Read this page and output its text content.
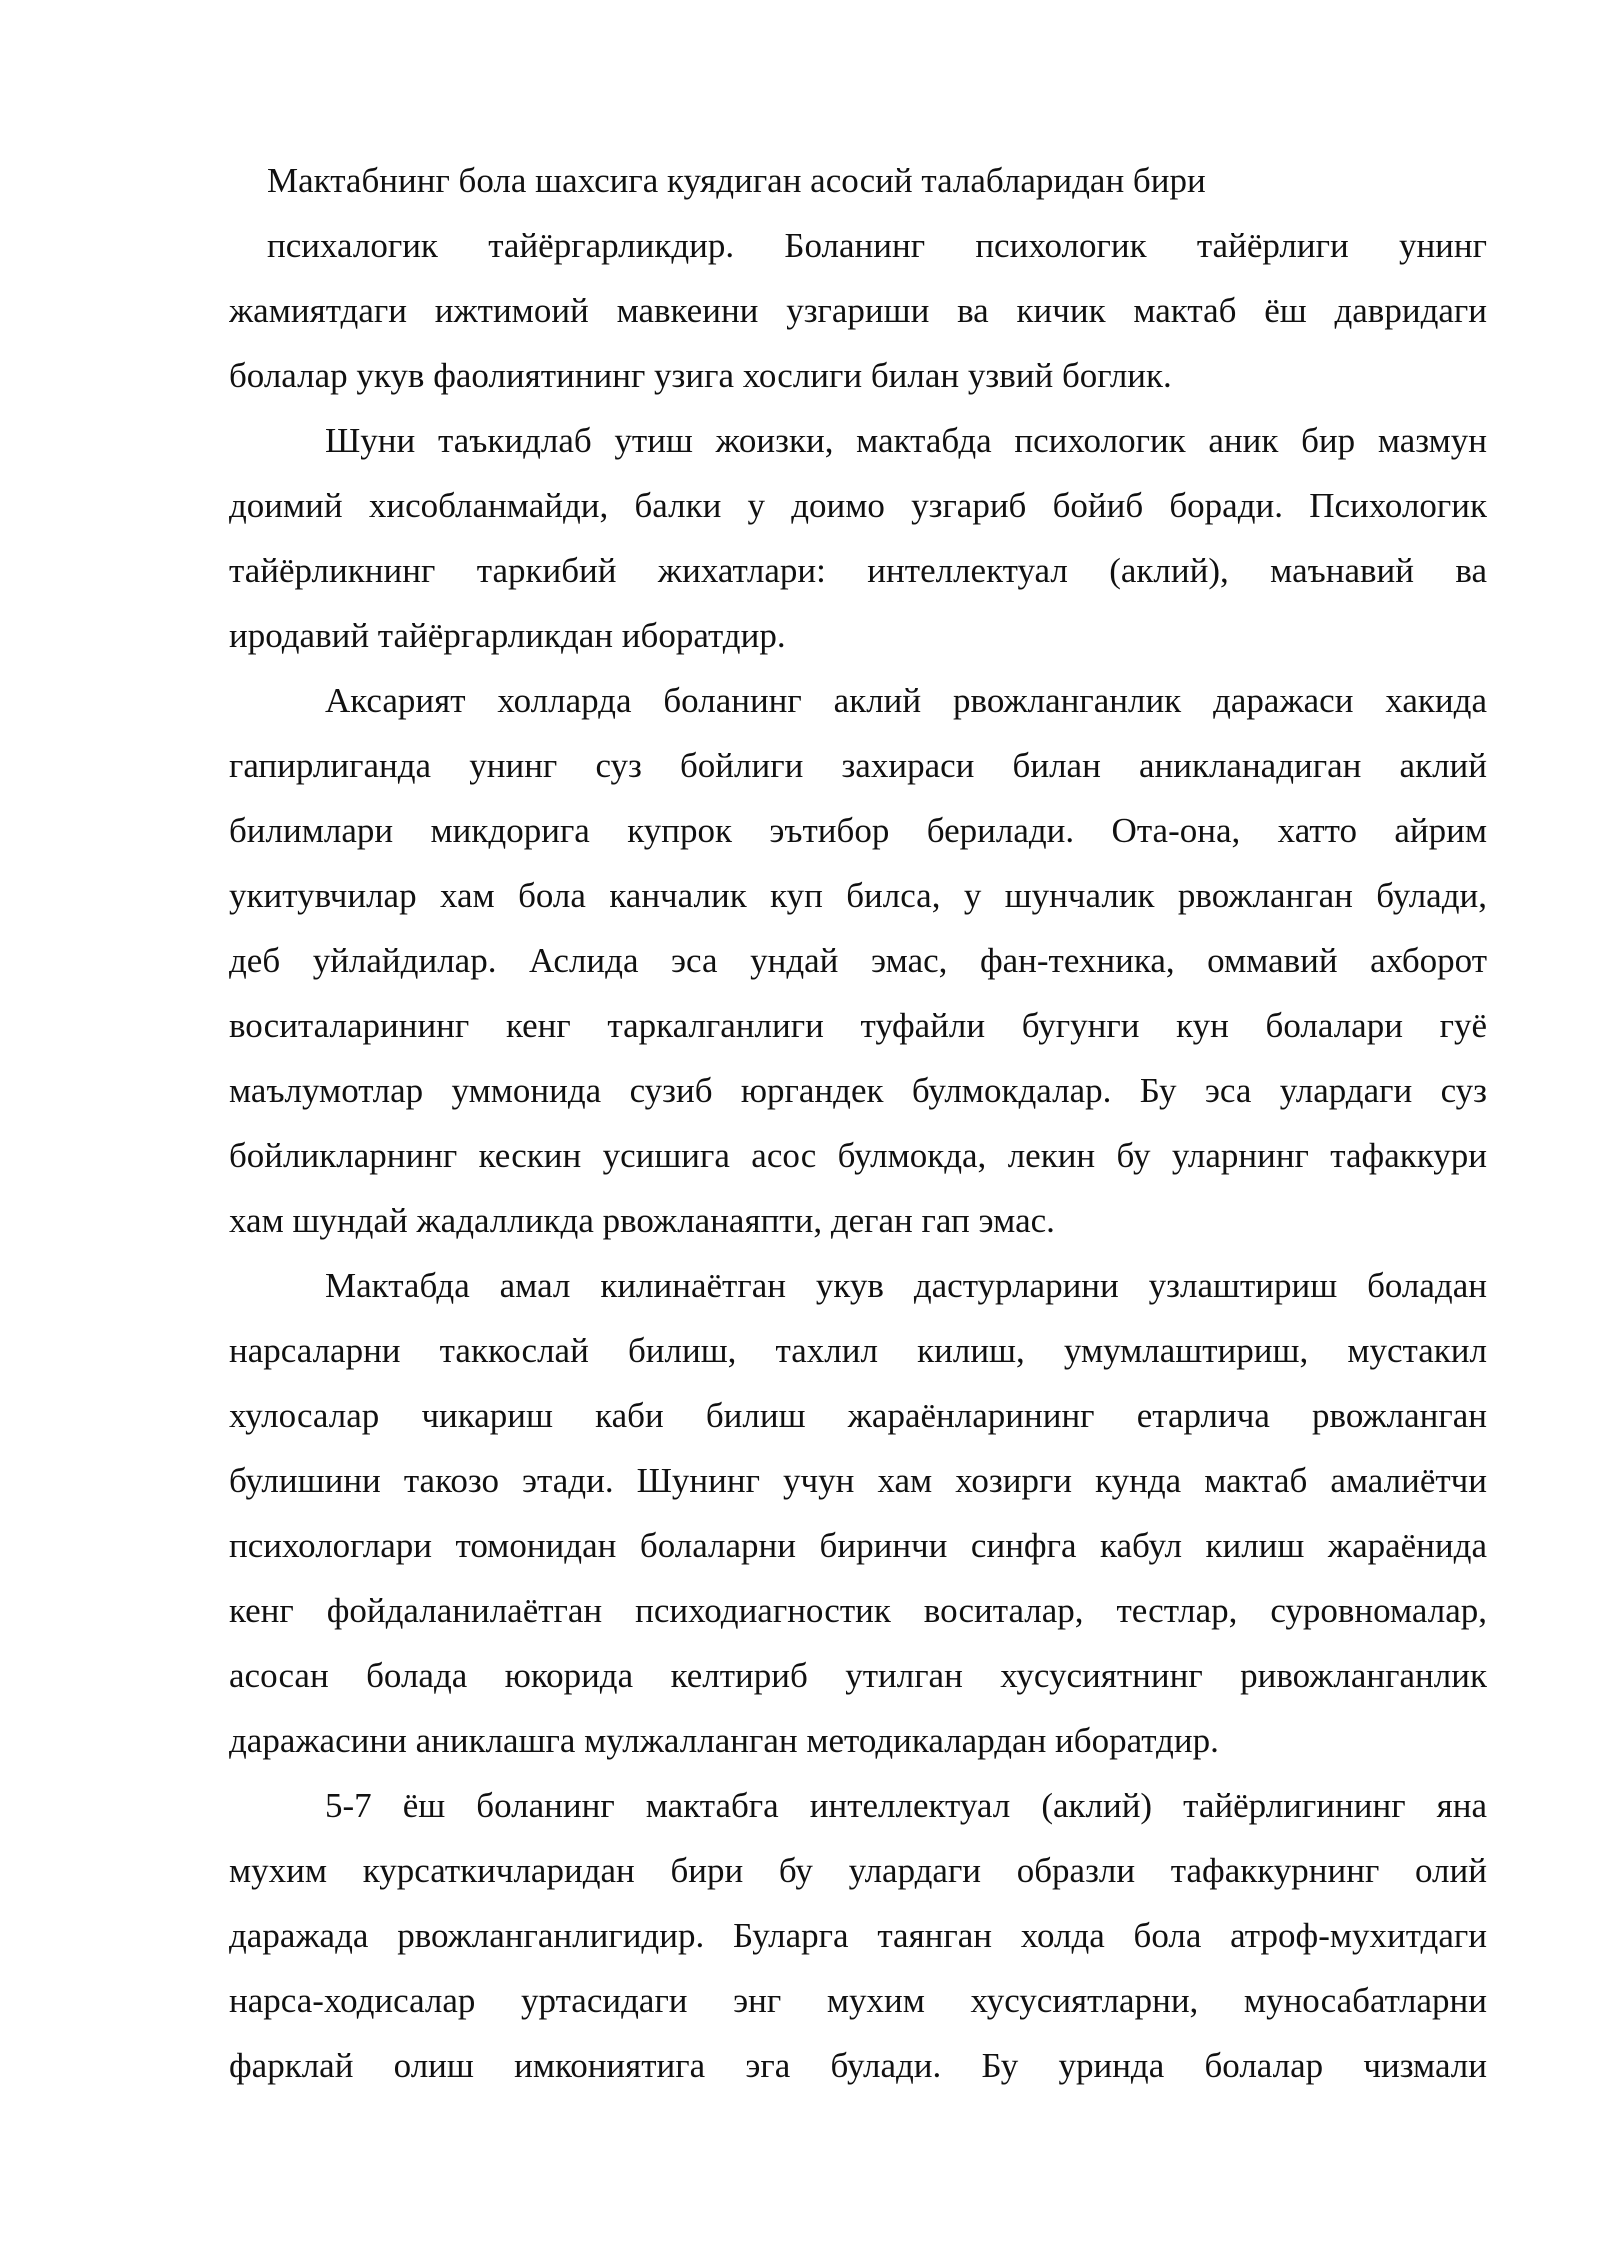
Мактабнинг бола шахсига куядиган асосий талабларидан бири
психалогик тайёргарликдир. Боланинг психологик тайёрлиги унинг
жамиятдаги ижтимоий мавкеини узгариши ва кичик мактаб ёш давридаги
болалар укув фаолиятининг узига хослиги билан узвий боглик.
Шуни таъкидлаб утиш жоизки, мактабда психологик аник бир мазмун
доимий хисобланмайди, балки у доимо узгариб бойиб боради. Психологик
тайёрликнинг таркибий жихатлари: интеллектуал (аклий), маънавий ва
иродавий тайёргарликдан иборатдир.
Аксарият холларда боланинг аклий рвожланганлик даражаси хакида
гапирлиганда унинг суз бойлиги захираси билан аникланадиган аклий
билимлари микдорига купрок эътибор берилади. Ота-она, хатто айрим
укитувчилар хам бола канчалик куп билса, у шунчалик рвожланган булади,
деб уйлайдилар. Аслида эса ундай эмас, фан-техника, оммавий ахборот
воситаларининг кенг таркалганлиги туфайли бугунги кун болалари гуё
маълумотлар уммонида сузиб юргандек булмокдалар. Бу эса улардаги суз
бойликларнинг кескин усишига асос булмокда, лекин бу уларнинг тафаккури
хам шундай жадалликда рвожланаяпти, деган гап эмас.
Мактабда амал килинаётган укув дастурларини узлаштириш боладан
нарсаларни таккослай билиш, тахлил килиш, умумлаштириш, мустакил
хулосалар чикариш каби билиш жараёнларининг етарлича рвожланган
булишини такозо этади. Шунинг учун хам хозирги кунда мактаб амалиётчи
психологлари томонидан болаларни биринчи синфга кабул килиш жараёнида
кенг фойдаланилаётган психодиагностик воситалар, тестлар, суровномалар,
асосан болада юкорида келтириб утилган хусусиятнинг ривожланганлик
даражасини аниклашга мулжалланган методикалардан иборатдир.
5-7 ёш боланинг мактабга интеллектуал (аклий) тайёрлигининг яна
мухим курсаткичларидан бири бу улардаги образли тафаккурнинг олий
даражада рвожланганлигидир. Буларга таянган холда бола атроф-мухитдаги
нарса-ходисалар уртасидаги энг мухим хусусиятларни, муносабатларни
фарклай олиш имкониятига эга булади. Бу уринда болалар чизмали
